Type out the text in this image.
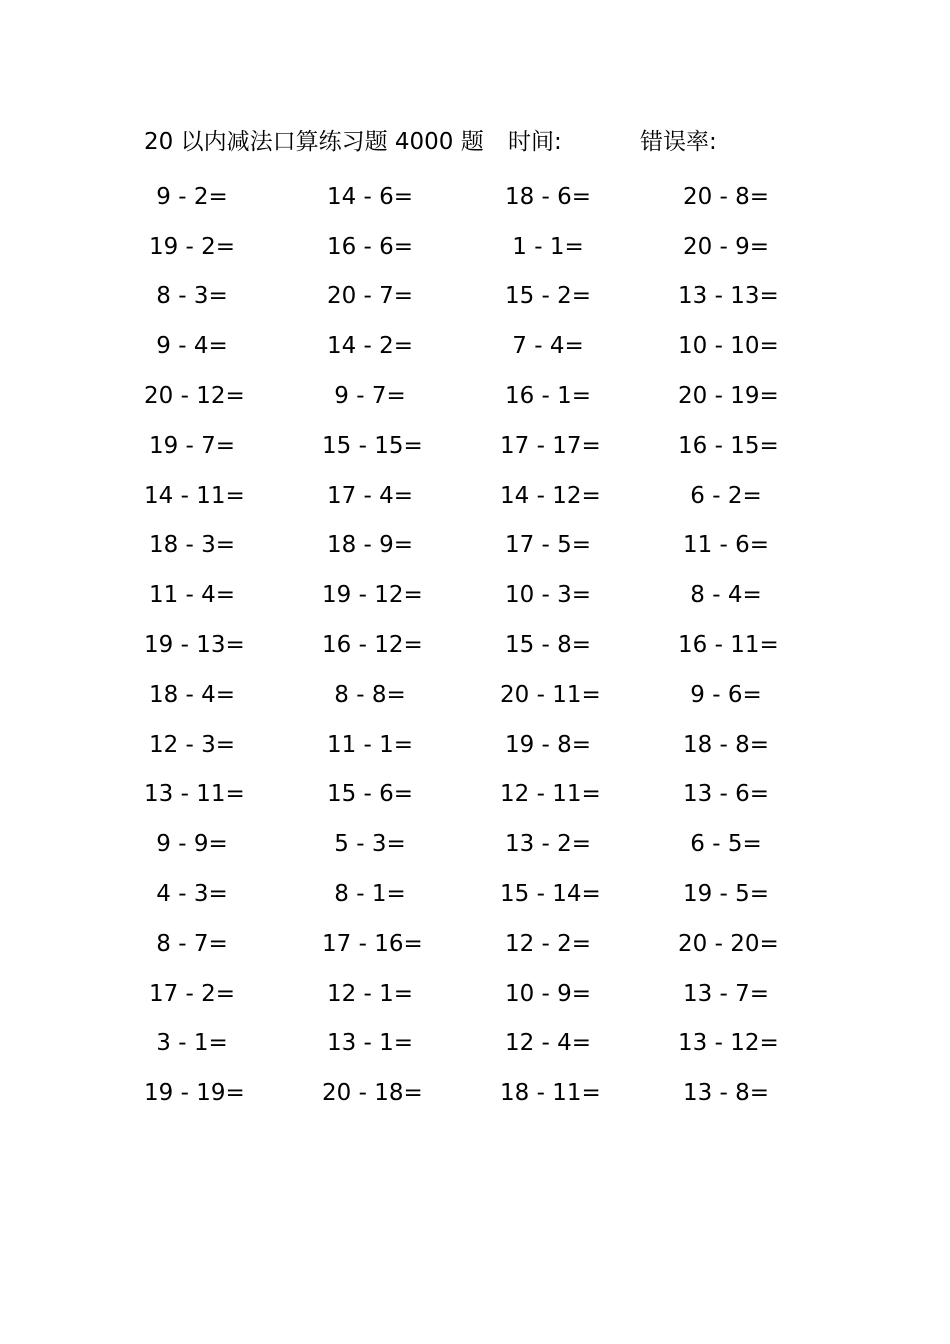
20 以内减法口算练习题 4000 题 时间:	错误率:
9 - 2=	14 - 6=	18 - 6=	20 - 8=
19 - 2=	16 - 6=	1 - 1=	20 - 9=
8 - 3=	20 - 7=	15 - 2=	13 - 13=
9 - 4=	14 - 2=	7 - 4=	10 - 10=
20 - 12=	9 - 7=	16 - 1=	20 - 19=
19 - 7=	15 - 15=	17 - 17=	16 - 15=
14 - 11=	17 - 4=	14 - 12=	6 - 2=
18 - 3=	18 - 9=	17 - 5=	11 - 6=
11 - 4=	19 - 12=	10 - 3=	8 - 4=
19 - 13=	16 - 12=	15 - 8=	16 - 11=
18 - 4=	8 - 8=	20 - 11=	9 - 6=
12 - 3=	11 - 1=	19 - 8=	18 - 8=
13 - 11=	15 - 6=	12 - 11=	13 - 6=
9 - 9=	5 - 3=	13 - 2=	6 - 5=
4 - 3=	8 - 1=	15 - 14=	19 - 5=
8 - 7=	17 - 16=	12 - 2=	20 - 20=
17 - 2=	12 - 1=	10 - 9=	13 - 7=
3 - 1=	13 - 1=	12 - 4=	13 - 12=
19 - 19=	20 - 18=	18 - 11=	13 - 8=
